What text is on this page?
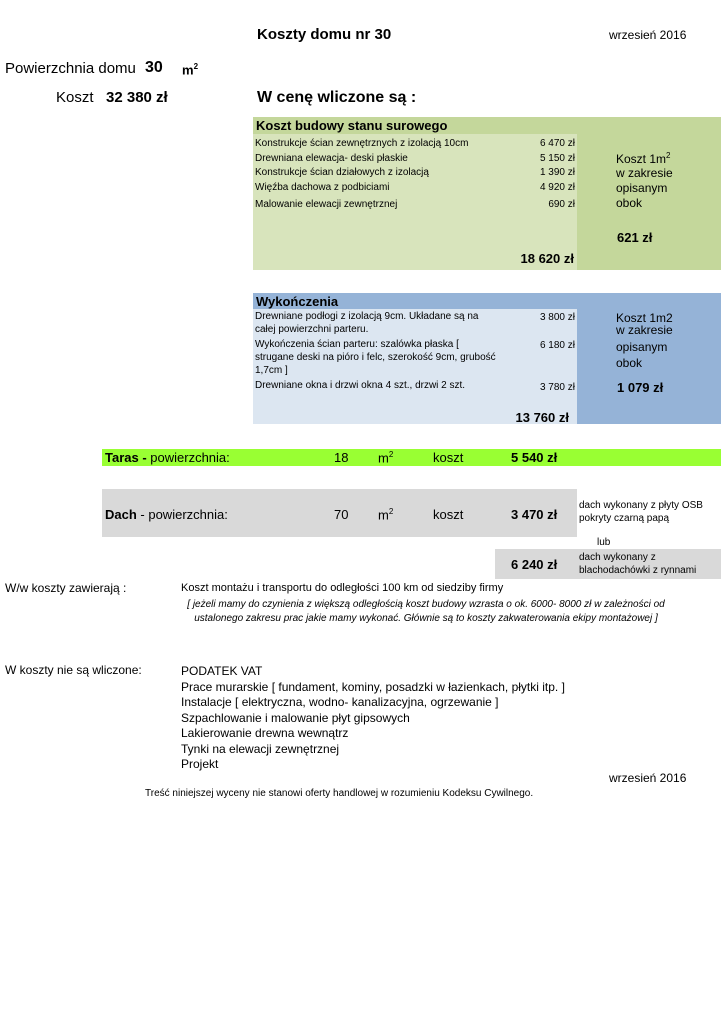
Koszty domu nr 30	wrzesień 2016
Powierzchnia domu 30 $m^2$
Koszt 32 380 zł	W cenę wliczone są :
Koszt budowy stanu surowego
Konstrukcje ścian zewnętrznych z izolacją 10cm	6 470 zł
Drewniana elewacja- deski płaskie	5 150 zł
Konstrukcje ścian działowych z izolacją	1 390 zł
Więźba dachowa z podbiciami	4 920 zł
Malowanie elewacji zewnętrznej	690 zł
18 620 zł
Koszt $1m^2$
w zakresie
opisanym
obok
621 zł
Wykończenia
Drewniane podłogi z izolacją 9cm. Układane są na całej powierzchni parteru.
3 800 zł
Wykończenia ścian parteru: szalówka płaska [ strugane deski na pióro i felc, szerokość 9cm, grubość 1,7cm ]
6 180 zł
Drewniane okna i drzwi okna 4 szt., drzwi 2 szt.	3 780 zł
13 760 zł
Koszt 1m2
w zakresie
opisanym
obok
1 079 zł
Taras - powierzchnia:	18 $m^2$	koszt	5 540 zł
Dach - powierzchnia:	70 $m^2$	koszt	3 470 zł
dach wykonany z płyty OSB pokryty czarną papą
lub
6 240 zł dach wykonany z blachodachówki z rynnami
W/w koszty zawierają :	Koszt montażu i transportu do odległości 100 km od siedziby firmy
[ jeżeli mamy do czynienia z większą odległością koszt budowy wzrasta o ok. 6000- 8000 zł w zależności od ustalonego zakresu prac jakie mamy wykonać. Głównie są to koszty zakwaterowania ekipy montażowej ]
W koszty nie są wliczone:	PODATEK VAT
Prace murarskie [ fundament, kominy, posadzki w łazienkach, płytki itp. ]
Instalacje [ elektryczna, wodno- kanalizacyjna, ogrzewanie ]
Szpachlowanie i malowanie płyt gipsowych
Lakierowanie drewna wewnątrz
Tynki na elewacji zewnętrznej
Projekt
wrzesień 2016
Treść niniejszej wyceny nie stanowi oferty handlowej w rozumieniu Kodeksu Cywilnego.
